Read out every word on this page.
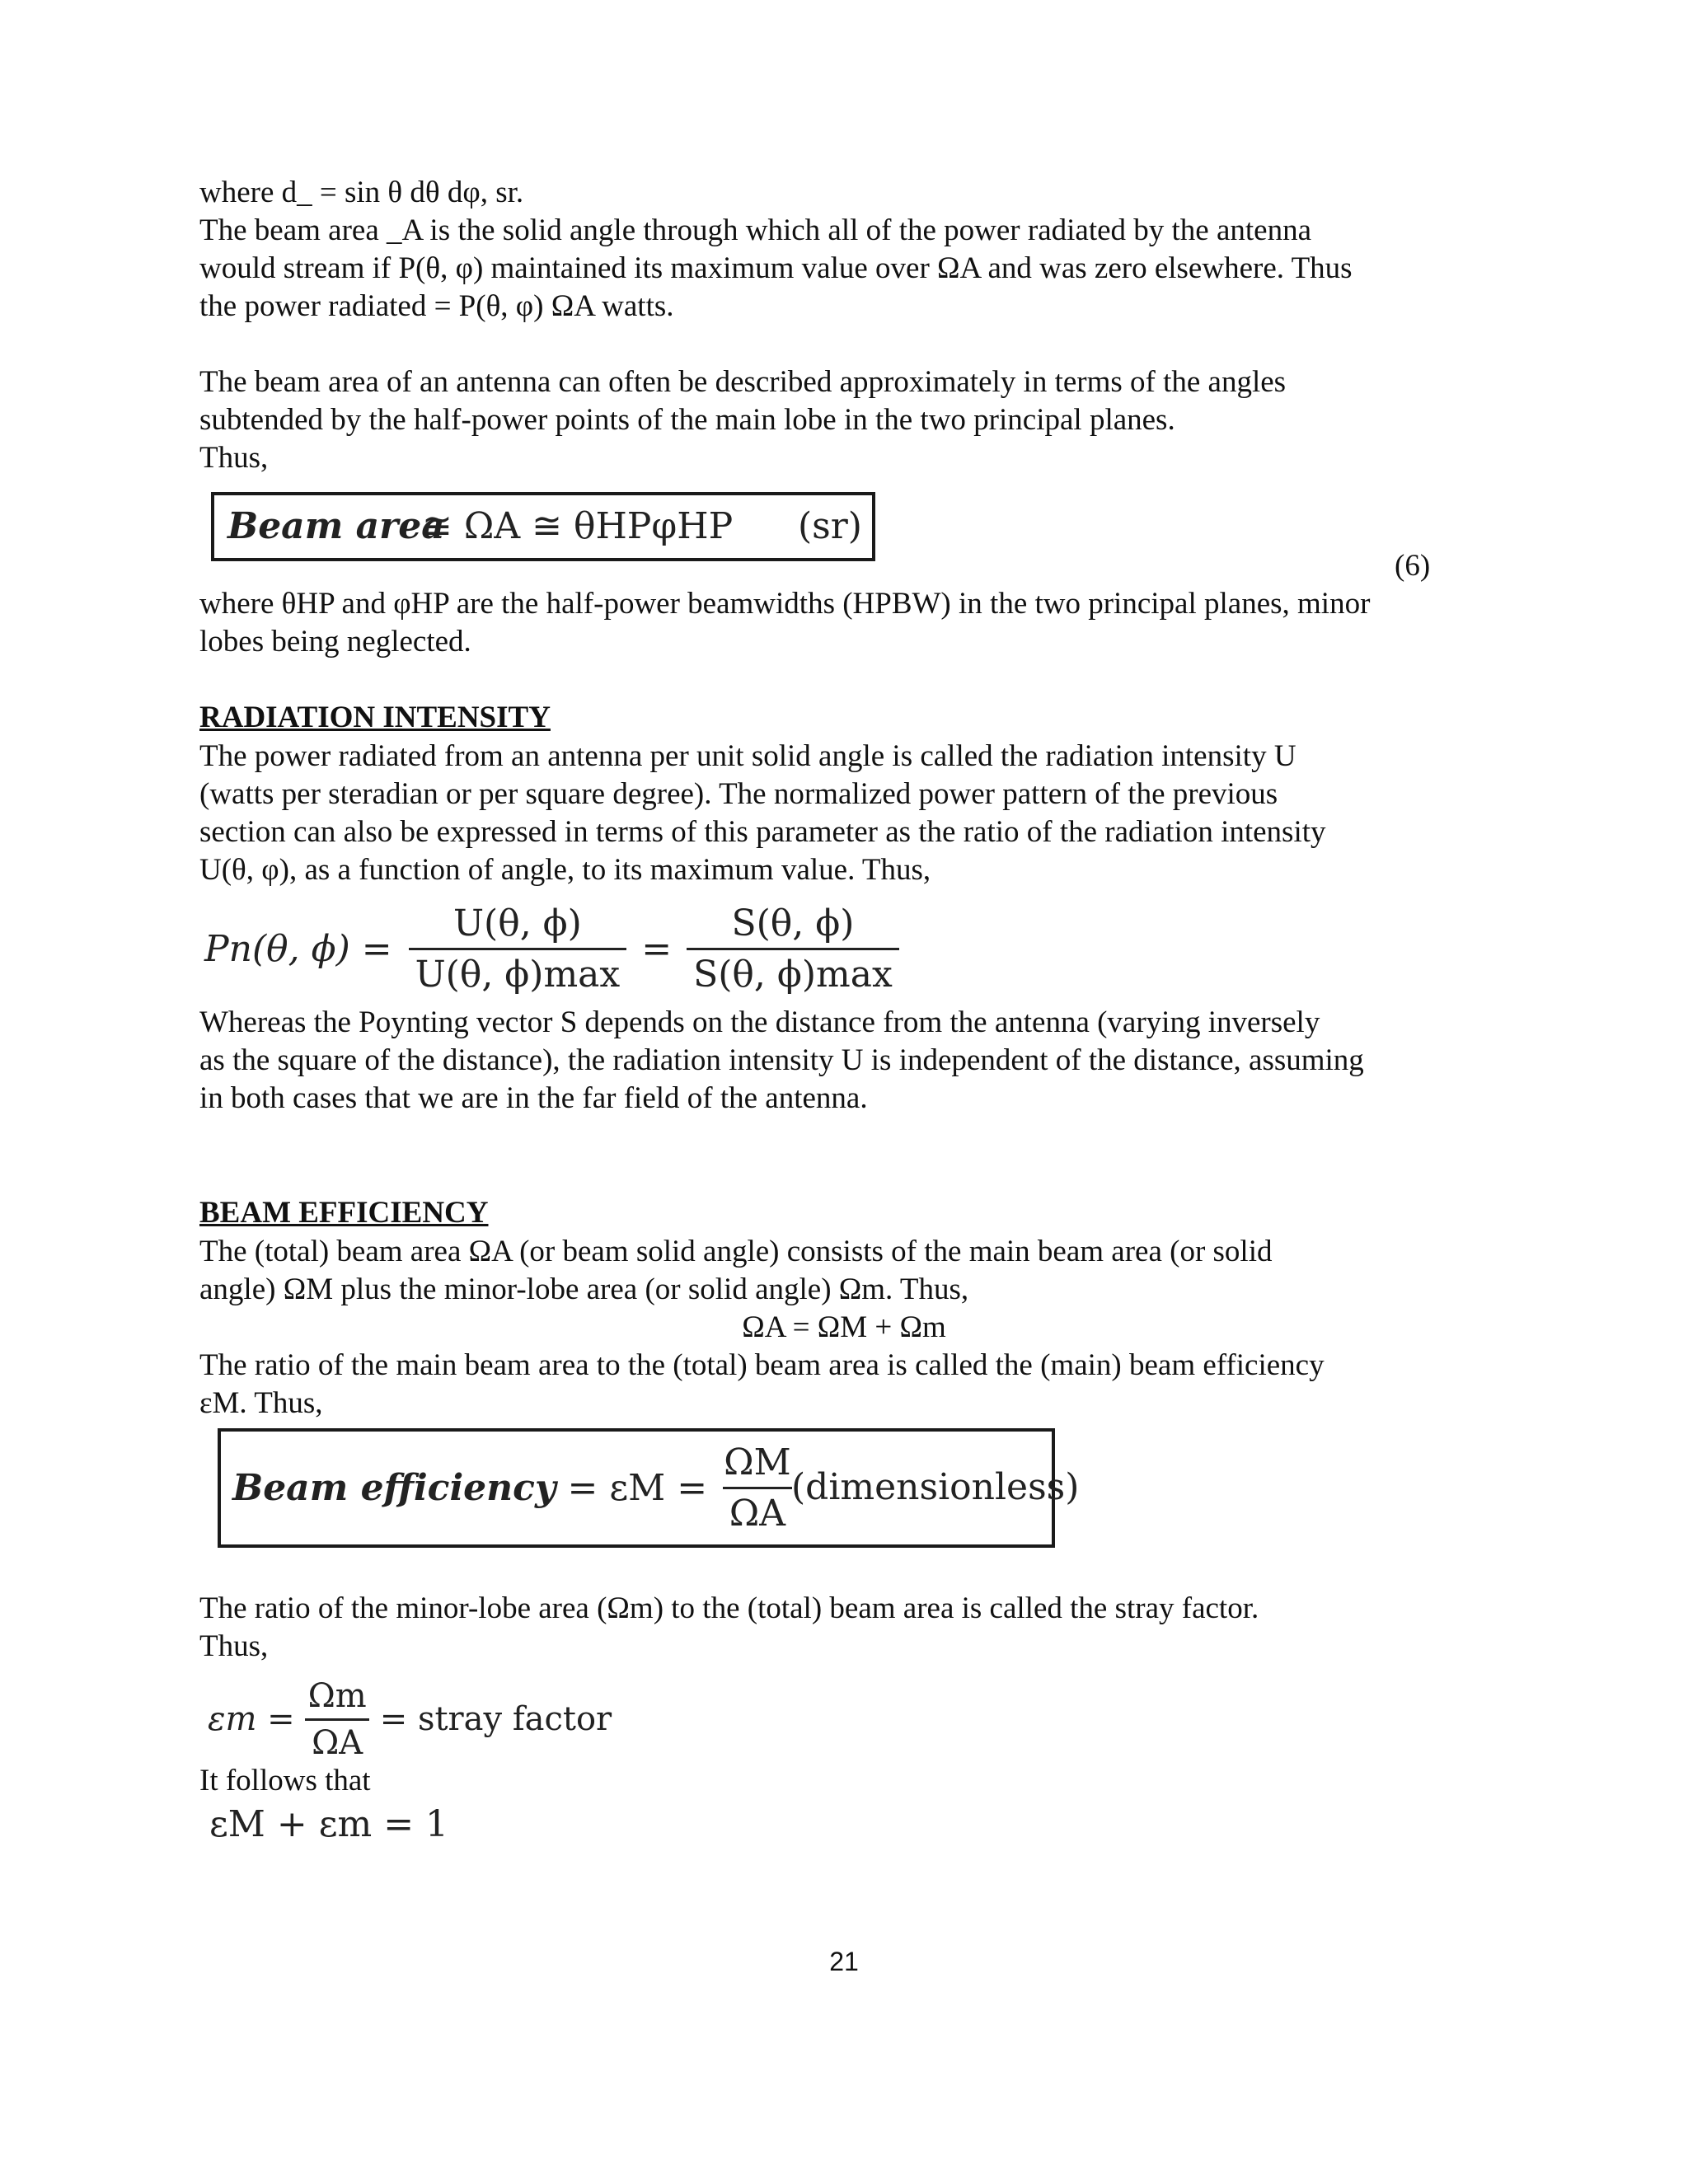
where d_ = sin θ dθ dφ, sr.
The beam area _A is the solid angle through which all of the power radiated by the antenna
would stream if P(θ, φ) maintained its maximum value over ΩA and was zero elsewhere. Thus
the power radiated = P(θ, φ) ΩA watts.
The beam area of an antenna can often be described approximately in terms of the angles
subtended by the half-power points of the main lobe in the two principal planes.
Thus,
Beam area
≅ ΩA ≅ θHPφHP (sr)
(6)
where θHP and φHP are the half-power beamwidths (HPBW) in the two principal planes, minor
lobes being neglected.
RADIATION INTENSITY
The power radiated from an antenna per unit solid angle is called the radiation intensity U
(watts per steradian or per square degree). The normalized power pattern of the previous
section can also be expressed in terms of this parameter as the ratio of the radiation intensity
U(θ, φ), as a function of angle, to its maximum value. Thus,
Pn(θ, $\phi) = \frac{U(\theta, \phi)}{U(\theta, \phi)\max} = \frac{S(\theta, \phi)}{S(\theta, \phi)\max}$
Whereas the Poynting vector S depends on the distance from the antenna (varying inversely
as the square of the distance), the radiation intensity U is independent of the distance, assuming
in both cases that we are in the far field of the antenna.
BEAM EFFICIENCY
The (total) beam area ΩA (or beam solid angle) consists of the main beam area (or solid
angle) ΩM plus the minor-lobe area (or solid angle) Ωm. Thus,
ΩA = ΩM + Ωm
The ratio of the main beam area to the (total) beam area is called the (main) beam efficiency
εM. Thus,
Beam efficiency = $\varepsilon M = \frac{\Omega M}{\Omega A}$
(dimensionless)
The ratio of the minor-lobe area (Ωm) to the (total) beam area is called the stray factor.
Thus,
$\varepsilon m = \frac{\Omega m}{\Omega A}$ = stray factor
It follows that
εM + εm = 1
21
